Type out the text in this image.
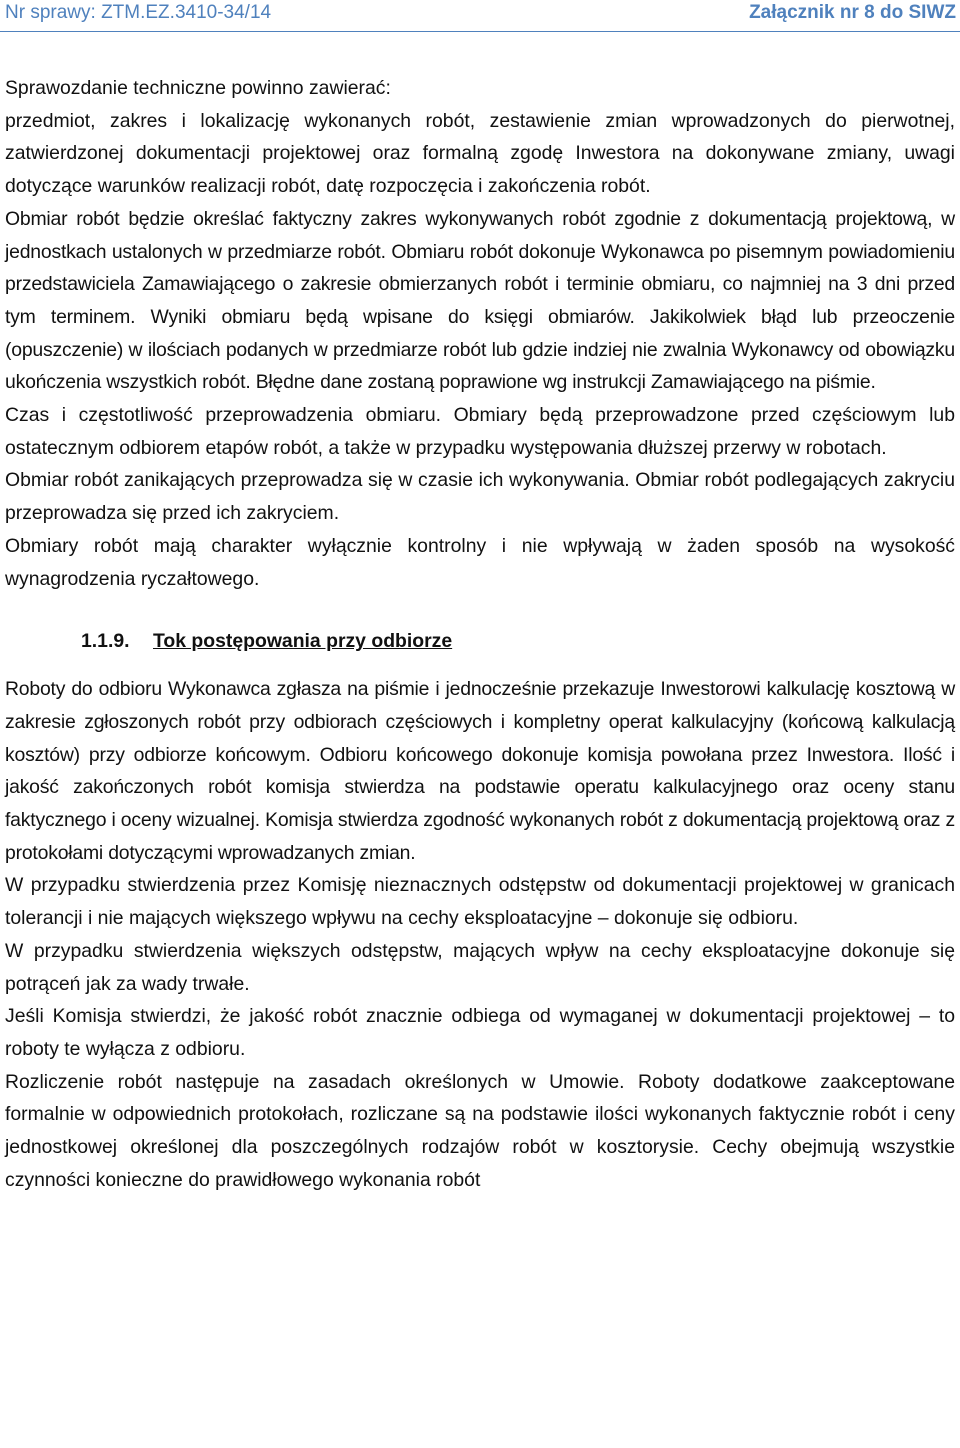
Nr sprawy: ZTM.EZ.3410-34/14	Załącznik nr 8 do SIWZ

Sprawozdanie techniczne powinno zawierać:

przedmiot, zakres i lokalizację wykonanych robót, zestawienie zmian wprowadzonych do pierwotnej, zatwierdzonej dokumentacji projektowej oraz formalną zgodę Inwestora na dokonywane zmiany, uwagi dotyczące warunków realizacji robót, datę rozpoczęcia i zakończenia robót.

Obmiar robót będzie określać faktyczny zakres wykonywanych robót zgodnie z dokumentacją projektową, w jednostkach ustalonych w przedmiarze robót. Obmiaru robót dokonuje Wykonawca po pisemnym powiadomieniu przedstawiciela Zamawiającego o zakresie obmierzanych robót i terminie obmiaru, co najmniej na 3 dni przed tym terminem. Wyniki obmiaru będą wpisane do księgi obmiarów. Jakikolwiek błąd lub przeoczenie (opuszczenie) w ilościach podanych w przedmiarze robót lub gdzie indziej nie zwalnia Wykonawcy od obowiązku ukończenia wszystkich robót. Błędne dane zostaną poprawione wg instrukcji Zamawiającego na piśmie.

Czas i częstotliwość przeprowadzenia obmiaru. Obmiary będą przeprowadzone przed częściowym lub ostatecznym odbiorem etapów robót, a także w przypadku występowania dłuższej przerwy w robotach.

Obmiar robót zanikających przeprowadza się w czasie ich wykonywania. Obmiar robót podlegających zakryciu przeprowadza się przed ich zakryciem.

Obmiary robót mają charakter wyłącznie kontrolny i nie wpływają w żaden sposób na wysokość wynagrodzenia ryczałtowego.

1.1.9. Tok postępowania przy odbiorze

Roboty do odbioru Wykonawca zgłasza na piśmie i jednocześnie przekazuje Inwestorowi kalkulację kosztową w zakresie zgłoszonych robót przy odbiorach częściowych i kompletny operat kalkulacyjny (końcową kalkulacją kosztów) przy odbiorze końcowym. Odbioru końcowego dokonuje komisja powołana przez Inwestora. Ilość i jakość zakończonych robót komisja stwierdza na podstawie operatu kalkulacyjnego oraz oceny stanu faktycznego i oceny wizualnej. Komisja stwierdza zgodność wykonanych robót z dokumentacją projektową oraz z protokołami dotyczącymi wprowadzanych zmian.

W przypadku stwierdzenia przez Komisję nieznacznych odstępstw od dokumentacji projektowej w granicach tolerancji i nie mających większego wpływu na cechy eksploatacyjne – dokonuje się odbioru.

W przypadku stwierdzenia większych odstępstw, mających wpływ na cechy eksploatacyjne dokonuje się potrąceń jak za wady trwałe.

Jeśli Komisja stwierdzi, że jakość robót znacznie odbiega od wymaganej w dokumentacji projektowej – to roboty te wyłącza z odbioru.

Rozliczenie robót następuje na zasadach określonych w Umowie. Roboty dodatkowe zaakceptowane formalnie w odpowiednich protokołach, rozliczane są na podstawie ilości wykonanych faktycznie robót i ceny jednostkowej określonej dla poszczególnych rodzajów robót w kosztorysie. Cechy obejmują wszystkie czynności konieczne do prawidłowego wykonania robót
